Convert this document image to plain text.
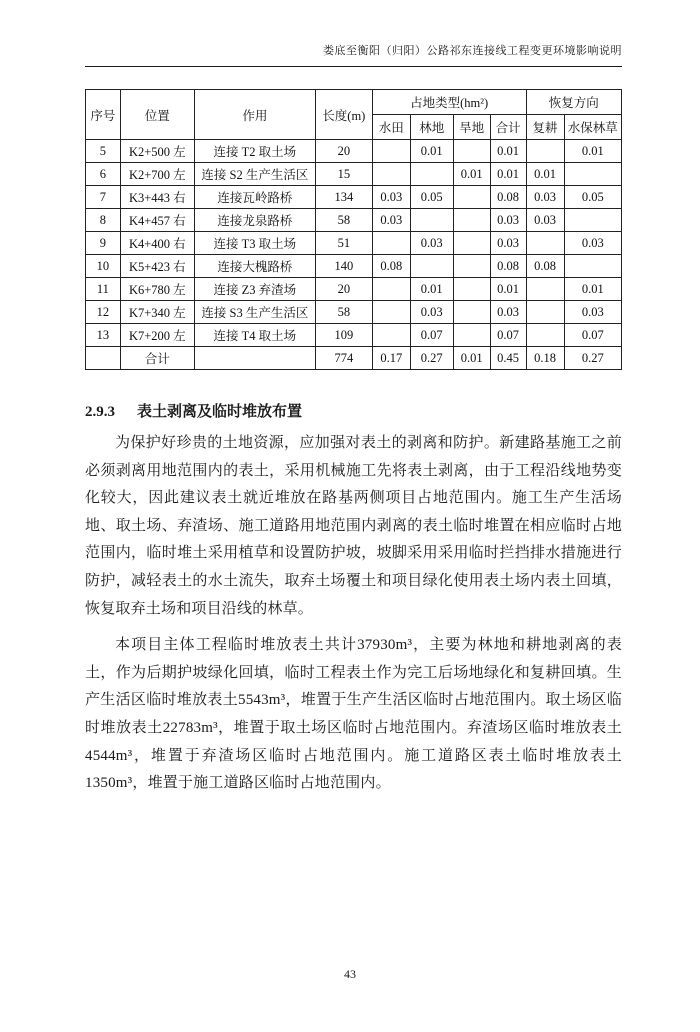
娄底至衡阳（归阳）公路祁东连接线工程变更环境影响说明
序号	位置	作用	长度(m)	占地类型(hm²)				恢复方向	
				水田	林地	旱地	合计	复耕	水保林草
5	K2+500 左	连接 T2 取土场	20		0.01		0.01		0.01
6	K2+700 左	连接 S2 生产生活区	15			0.01	0.01	0.01	
7	K3+443 右	连接瓦岭路桥	134	0.03	0.05		0.08	0.03	0.05
8	K4+457 右	连接龙泉路桥	58	0.03			0.03	0.03	
9	K4+400 右	连接 T3 取土场	51		0.03		0.03		0.03
10	K5+423 右	连接大槐路桥	140	0.08			0.08	0.08	
11	K6+780 左	连接 Z3 弃渣场	20		0.01		0.01		0.01
12	K7+340 左	连接 S3 生产生活区	58		0.03		0.03		0.03
13	K7+200 左	连接 T4 取土场	109		0.07		0.07		0.07
	合计		774	0.17	0.27	0.01	0.45	0.18	0.27
2.9.3 表土剥离及临时堆放布置

为保护好珍贵的土地资源，应加强对表土的剥离和防护。新建路基施工之前必须剥离用地范围内的表土，采用机械施工先将表土剥离，由于工程沿线地势变化较大，因此建议表土就近堆放在路基两侧项目占地范围内。施工生产生活场地、取土场、弃渣场、施工道路用地范围内剥离的表土临时堆置在相应临时占地范围内，临时堆土采用植草和设置防护坡，坡脚采用采用临时拦挡排水措施进行防护，减轻表土的水土流失，取弃土场覆土和项目绿化使用表土场内表土回填，恢复取弃土场和项目沿线的林草。

本项目主体工程临时堆放表土共计37930m³，主要为林地和耕地剥离的表土，作为后期护坡绿化回填，临时工程表土作为完工后场地绿化和复耕回填。生产生活区临时堆放表土5543m³，堆置于生产生活区临时占地范围内。取土场区临时堆放表土22783m³，堆置于取土场区临时占地范围内。弃渣场区临时堆放表土4544m³，堆置于弃渣场区临时占地范围内。施工道路区表土临时堆放表土1350m³，堆置于施工道路区临时占地范围内。

43
